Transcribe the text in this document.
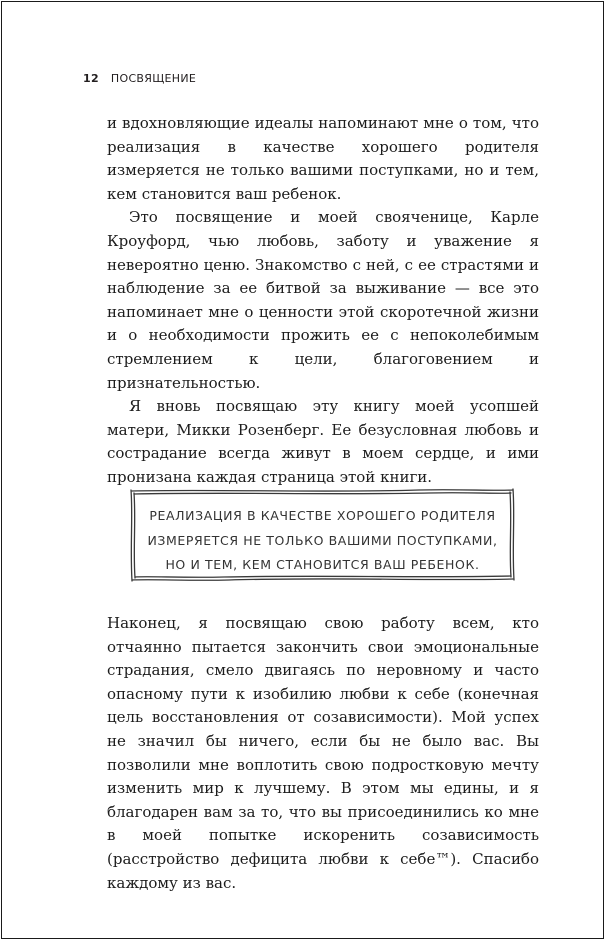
12 ПОСВЯЩЕНИЕ

и вдохновляющие идеалы напоминают мне о том, что реализация в качестве хорошего родителя измеряется не только вашими поступками, но и тем, кем становится ваш ребенок.

Это посвящение и моей свояченице, Карле Кроуфорд, чью любовь, заботу и уважение я невероятно ценю. Знакомство с ней, с ее страстями и наблюдение за ее битвой за выживание — все это напоминает мне о ценности этой скоротечной жизни и о необходимости прожить ее с непоколебимым стремлением к цели, благоговением и признательностью.

Я вновь посвящаю эту книгу моей усопшей матери, Микки Розенберг. Ее безусловная любовь и сострадание всегда живут в моем сердце, и ими пронизана каждая страница этой книги.

РЕАЛИЗАЦИЯ В КАЧЕСТВЕ ХОРОШЕГО РОДИТЕЛЯ
ИЗМЕРЯЕТСЯ НЕ ТОЛЬКО ВАШИМИ ПОСТУПКАМИ,
НО И ТЕМ, КЕМ СТАНОВИТСЯ ВАШ РЕБЕНОК.

Наконец, я посвящаю свою работу всем, кто отчаянно пытается закончить свои эмоциональные страдания, смело двигаясь по неровному и часто опасному пути к изобилию любви к себе (конечная цель восстановления от созависимости). Мой успех не значил бы ничего, если бы не было вас. Вы позволили мне воплотить свою подростковую мечту изменить мир к лучшему. В этом мы едины, и я благодарен вам за то, что вы присоединились ко мне в моей попытке искоренить созависимость (расстройство дефицита любви к себе™). Спасибо каждому из вас.
